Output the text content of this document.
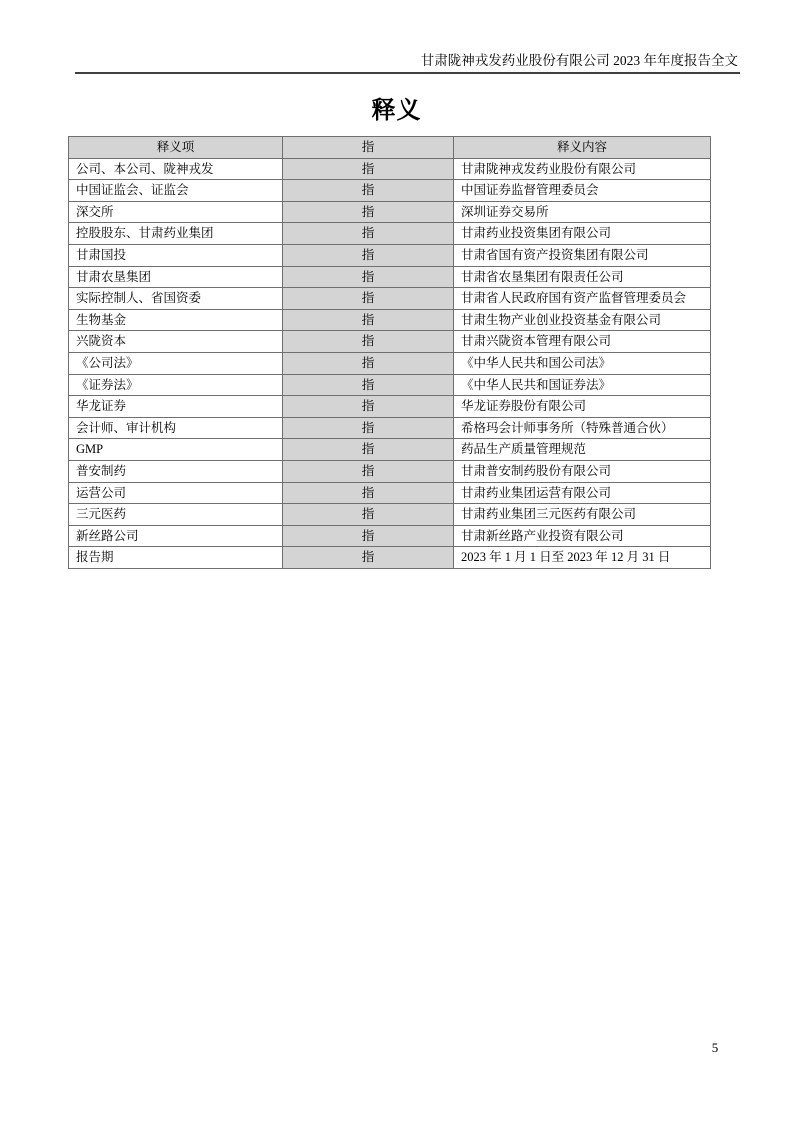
甘肃陇神戎发药业股份有限公司 2023 年年度报告全文
释义
释义项	指	释义内容
公司、本公司、陇神戎发	指	甘肃陇神戎发药业股份有限公司
中国证监会、证监会	指	中国证券监督管理委员会
深交所	指	深圳证券交易所
控股股东、甘肃药业集团	指	甘肃药业投资集团有限公司
甘肃国投	指	甘肃省国有资产投资集团有限公司
甘肃农垦集团	指	甘肃省农垦集团有限责任公司
实际控制人、省国资委	指	甘肃省人民政府国有资产监督管理委员会
生物基金	指	甘肃生物产业创业投资基金有限公司
兴陇资本	指	甘肃兴陇资本管理有限公司
《公司法》	指	《中华人民共和国公司法》
《证券法》	指	《中华人民共和国证券法》
华龙证券	指	华龙证券股份有限公司
会计师、审计机构	指	希格玛会计师事务所（特殊普通合伙）
GMP	指	药品生产质量管理规范
普安制药	指	甘肃普安制药股份有限公司
运营公司	指	甘肃药业集团运营有限公司
三元医药	指	甘肃药业集团三元医药有限公司
新丝路公司	指	甘肃新丝路产业投资有限公司
报告期	指	2023 年 1 月 1 日至 2023 年 12 月 31 日
5
